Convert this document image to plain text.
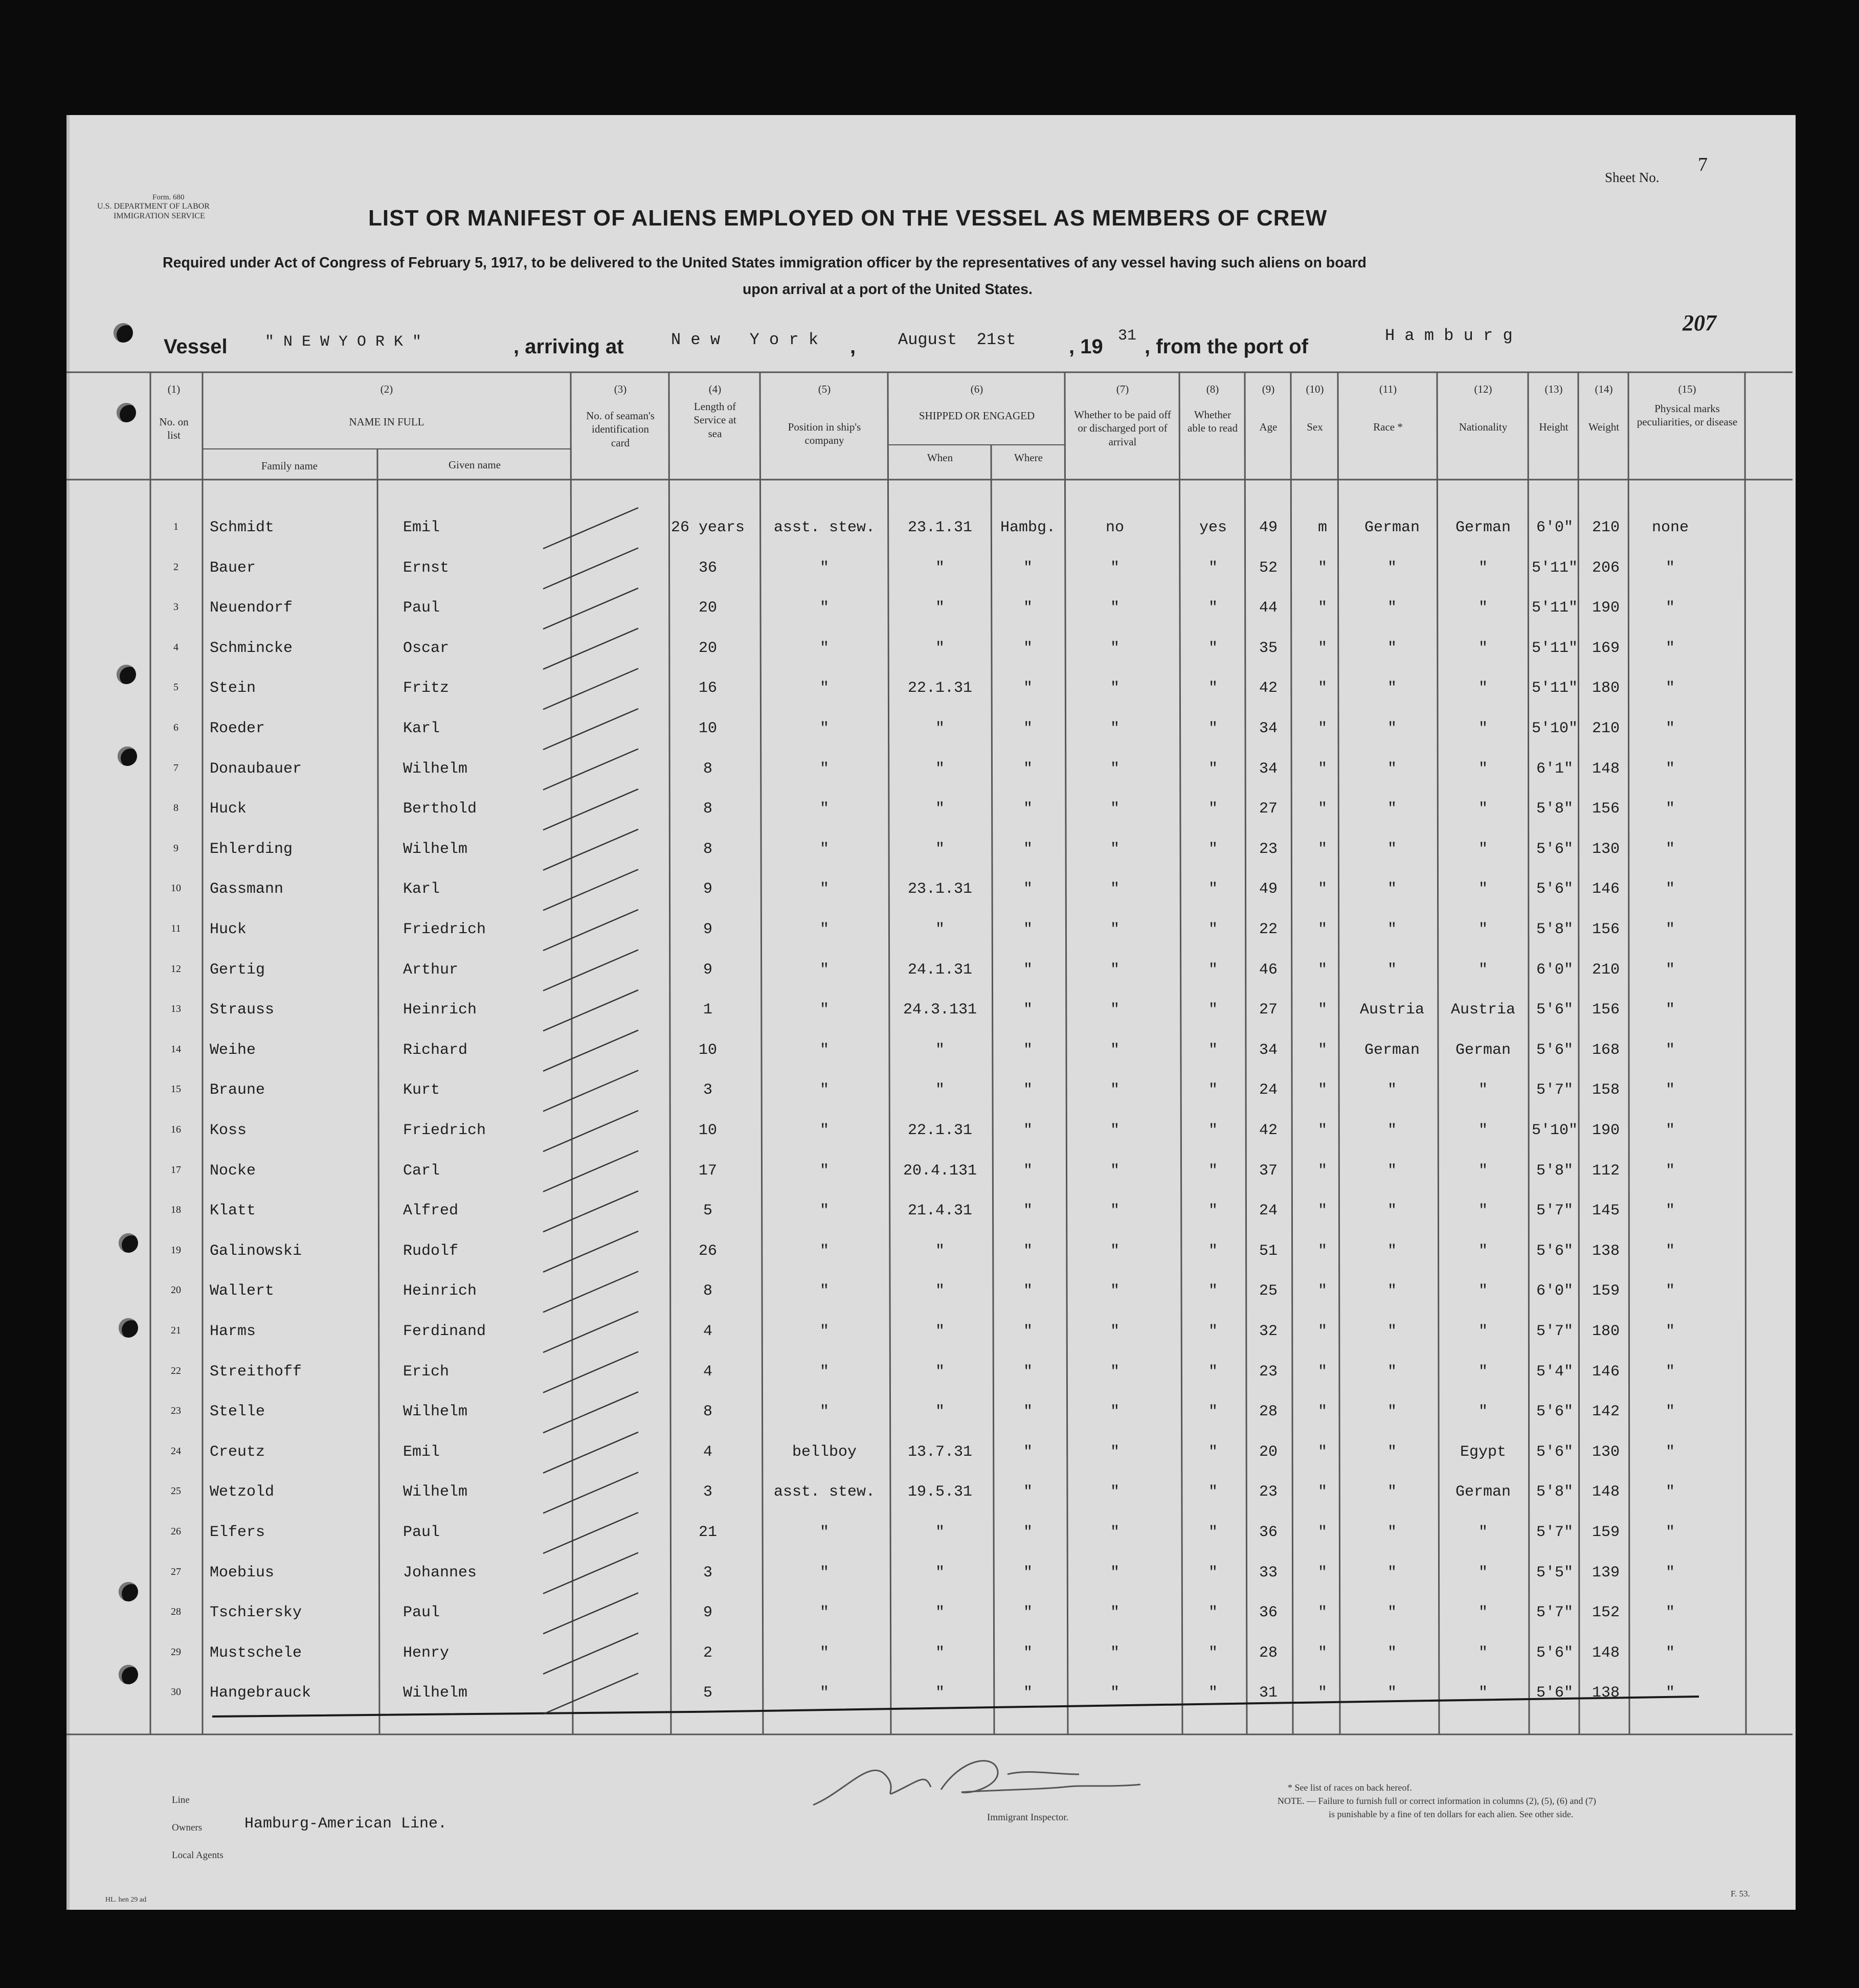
Form. 680
U.S. DEPARTMENT OF LABOR
IMMIGRATION SERVICE
Sheet No.
7
LIST OR MANIFEST OF ALIENS EMPLOYED ON THE VESSEL AS MEMBERS OF CREW
Required under Act of Congress of February 5, 1917, to be delivered to the United States immigration officer by the representatives of any vessel having such aliens on board
upon arrival at a port of the United States.
207
Vessel " N E W Y O R K "	, arriving at	N e w   Y o r k ,	August  21st	, 19 31 , from the port of	H a m b u r g
(1)
No. on list
(2)
NAME IN FULL
Family name	Given name
(3)
No. of seaman's identification card
(4)
Length of Service at sea
(5)
Position in ship's company
(6)
SHIPPED OR ENGAGED
When	Where
(7)
Whether to be paid off or discharged port of arrival
(8)
Whether able to read
(9)
Age
(10)
Sex
(11)
Race *
(12)
Nationality
(13)
Height
(14)
Weight
(15)
Physical marks peculiarities, or disease
1	Schmidt	Emil	26 years	asst. stew.	23.1.31	Hambg.	no	yes	49	m	German	German	6'0"	210	none
2	Bauer	Ernst	36	"	"	"	"	"	52	"	"	"	5'11" 206	"
3	Neuendorf	Paul	20	"	"	"	"	"	44	"	"	"	5'11" 190	"
4	Schmincke	Oscar	20	"	"	"	"	"	35	"	"	"	5'11" 169	"
5	Stein	Fritz	16	"	22.1.31	"	"	"	42	"	"	"	5'11" 180	"
6	Roeder	Karl	10	"	"	"	"	"	34	"	"	"	5'10" 210	"
7	Donaubauer	Wilhelm	8	"	"	"	"	"	34	"	"	"	6'1"	148	"
8	Huck	Berthold	8	"	"	"	"	"	27	"	"	"	5'8"	156	"
9	Ehlerding	Wilhelm	8	"	"	"	"	"	23	"	"	"	5'6"	130	"
10	Gassmann	Karl	9	"	23.1.31	"	"	"	49	"	"	"	5'6"	146	"
11	Huck	Friedrich	9	"	"	"	"	"	22	"	"	"	5'8"	156	"
12	Gertig	Arthur	9	"	24.1.31	"	"	"	46	"	"	"	6'0"	210	"
13	Strauss	Heinrich	1	"	24.3.131	"	"	"	27	"	Austria	Austria	5'6"	156	"
14	Weihe	Richard	10	"	"	"	"	"	34	"	German	German	5'6"	168	"
15	Braune	Kurt	3	"	"	"	"	"	24	"	"	"	5'7"	158	"
16	Koss	Friedrich	10	"	22.1.31	"	"	"	42	"	"	"	5'10" 190	"
17	Nocke	Carl	17	"	20.4.131	"	"	"	37	"	"	"	5'8"	112	"
18	Klatt	Alfred	5	"	21.4.31	"	"	"	24	"	"	"	5'7"	145	"
19	Galinowski	Rudolf	26	"	"	"	"	"	51	"	"	"	5'6"	138	"
20	Wallert	Heinrich	8	"	"	"	"	"	25	"	"	"	6'0"	159	"
21	Harms	Ferdinand	4	"	"	"	"	"	32	"	"	"	5'7"	180	"
22	Streithoff	Erich	4	"	"	"	"	"	23	"	"	"	5'4"	146	"
23	Stelle	Wilhelm	8	"	"	"	"	"	28	"	"	"	5'6"	142	"
24	Creutz	Emil	4	bellboy	13.7.31	"	"	"	20	"	"	Egypt	5'6"	130	"
25	Wetzold	Wilhelm	3	asst. stew.	19.5.31	"	"	"	23	"	"	German	5'8"	148	"
26	Elfers	Paul	21	"	"	"	"	"	36	"	"	"	5'7"	159	"
27	Moebius	Johannes	3	"	"	"	"	"	33	"	"	"	5'5"	139	"
28	Tschiersky	Paul	9	"	"	"	"	"	36	"	"	"	5'7"	152	"
29	Mustschele	Henry	2	"	"	"	"	"	28	"	"	"	5'6"	148	"
30	Hangebrauck	Wilhelm	5	"	"	"	"	"	31	"	"	"	5'6"	138	"
Line
Owners	Hamburg-American Line.
Local Agents
Immigrant Inspector.
* See list of races on back hereof.
NOTE. — Failure to furnish full or correct information in columns (2), (5), (6) and (7)
is punishable by a fine of ten dollars for each alien. See other side.
F. 53.
HL. hen 29 ad
